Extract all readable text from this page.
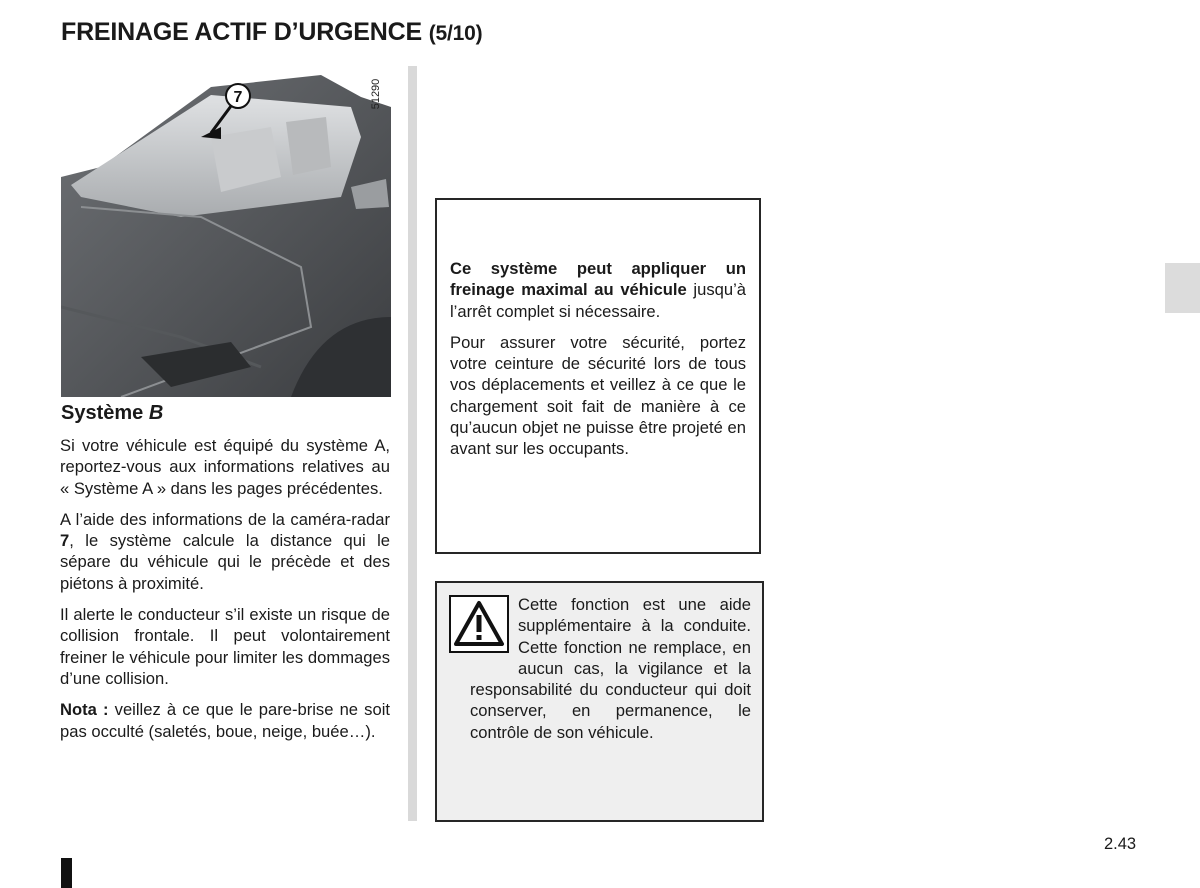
FREINAGE ACTIF D’URGENCE (5/10)
7	51290
Système B

Si votre véhicule est équipé du système A, reportez-vous aux informations relatives au « Système A » dans les pages précédentes.

A l’aide des informations de la caméra-radar 7, le système calcule la distance qui le sépare du véhicule qui le précède et des piétons à proximité.

Il alerte le conducteur s’il existe un risque de collision frontale. Il peut volontairement freiner le véhicule pour limiter les dommages d’une collision.

Nota : veillez à ce que le pare-brise ne soit pas occulté (saletés, boue, neige, buée…).

Ce système peut appliquer un freinage maximal au véhicule jusqu’à l’arrêt complet si nécessaire.

Pour assurer votre sécurité, portez votre ceinture de sécurité lors de tous vos déplacements et veillez à ce que le chargement soit fait de manière à ce qu’aucun objet ne puisse être projeté en avant sur les occupants.

Cette fonction est une aide supplémentaire à la conduite. Cette fonction ne remplace, en aucun cas, la vigilance et la responsabilité du conducteur qui doit conserver, en permanence, le contrôle de son véhicule.
2.43
